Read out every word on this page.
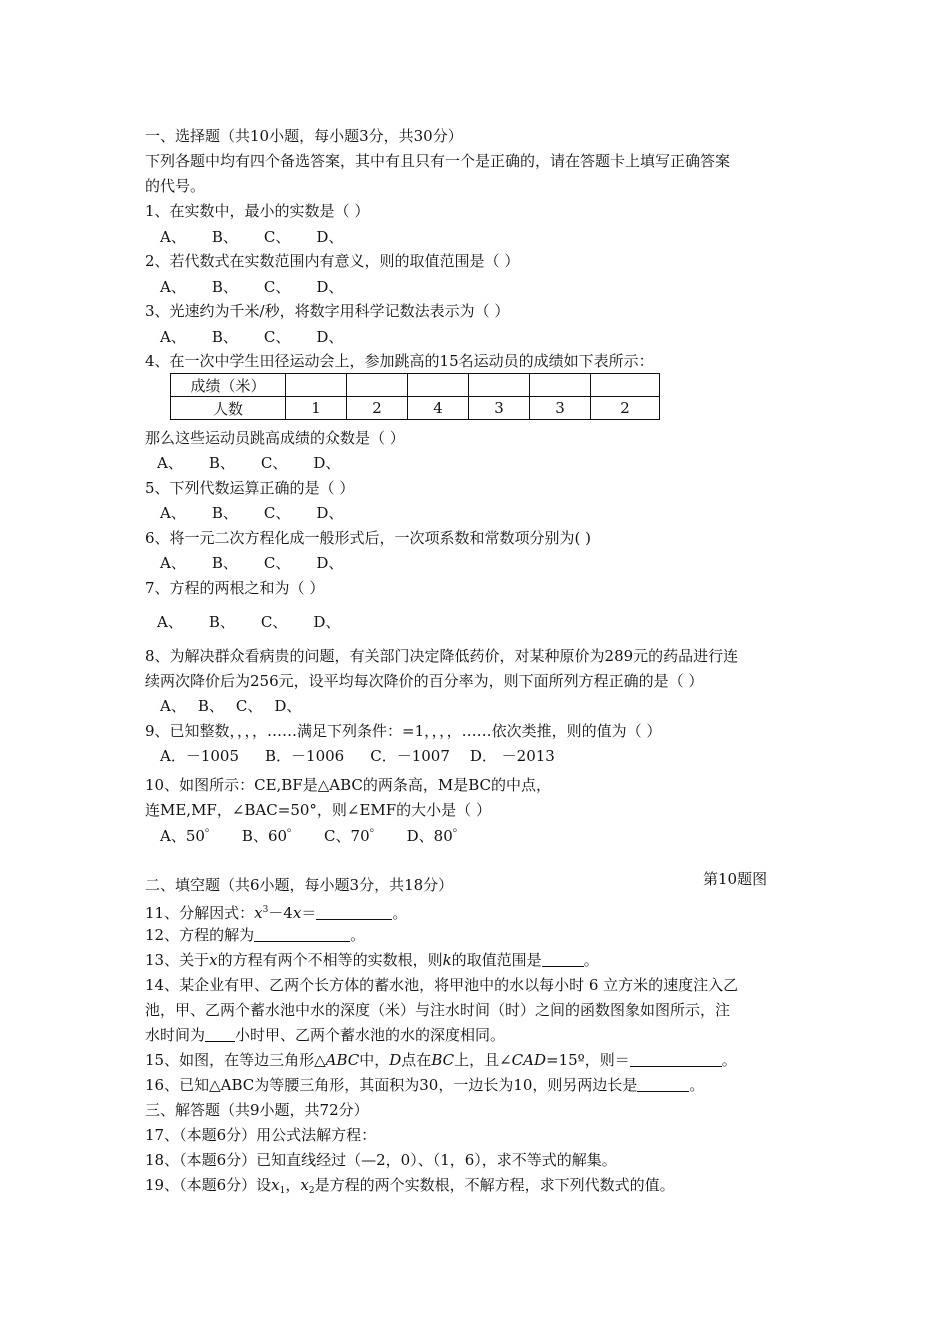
一、选择题（共10小题，每小题3分，共30分）
下列各题中均有四个备选答案，其中有且只有一个是正确的，请在答题卡上填写正确答案
的代号。
1、在实数中，最小的实数是（ ）
A、 B、 C、 D、
2、若代数式在实数范围内有意义，则的取值范围是（ ）
A、 B、 C、 D、
3、光速约为千米/秒，将数字用科学记数法表示为（ ）
A、 B、 C、 D、
4、在一次中学生田径运动会上，参加跳高的15名运动员的成绩如下表所示：
成绩（米）						
人数	1	2	4	3	3	2
那么这些运动员跳高成绩的众数是（ ）
A、 B、 C、 D、
5、下列代数运算正确的是（ ）
A、 B、 C、 D、
6、将一元二次方程化成一般形式后，一次项系数和常数项分别为( )
A、 B、 C、 D、
7、方程的两根之和为（ ）
A、 B、 C、 D、
8、为解决群众看病贵的问题，有关部门决定降低药价，对某种原价为289元的药品进行连
续两次降价后为256元，设平均每次降价的百分率为，则下面所列方程正确的是（ ）
A、 B、 C、 D、
9、已知整数，，，，……满足下列条件：=1，，，，……依次类推，则的值为（ ）
A．－1005 B．－1006 C．－1007 D． －2013
10、如图所示：CE,BF是△ABC的两条高，M是BC的中点，
连ME,MF，∠BAC=50°，则∠EMF的大小是（ ）
A、50゜ B、60゜ C、70゜ D、80゜
第10题图
二、填空题（共6小题，每小题3分，共18分）
11、分解因式：$x^3-4x=$	。
12、方程的解为	。
13、关于x的方程有两个不相等的实数根，则k的取值范围是	。
14、某企业有甲、乙两个长方体的蓄水池，将甲池中的水以每小时 6 立方米的速度注入乙
池，甲、乙两个蓄水池中水的深度（米）与注水时间（时）之间的函数图象如图所示，注
水时间为 小时甲、乙两个蓄水池的水的深度相同。
15、如图，在等边三角形△ABC中，D点在BC上，且∠CAD=15º，则＝	。
16、已知△ABC为等腰三角形，其面积为30，一边长为10，则另两边长是	。
三、解答题（共9小题，共72分）
17、（本题6分）用公式法解方程：
18、（本题6分）已知直线经过（—2，0）、（1，6），求不等式的解集。
19、（本题6分）设$x_1$，$x_2$是方程的两个实数根，不解方程，求下列代数式的值。
